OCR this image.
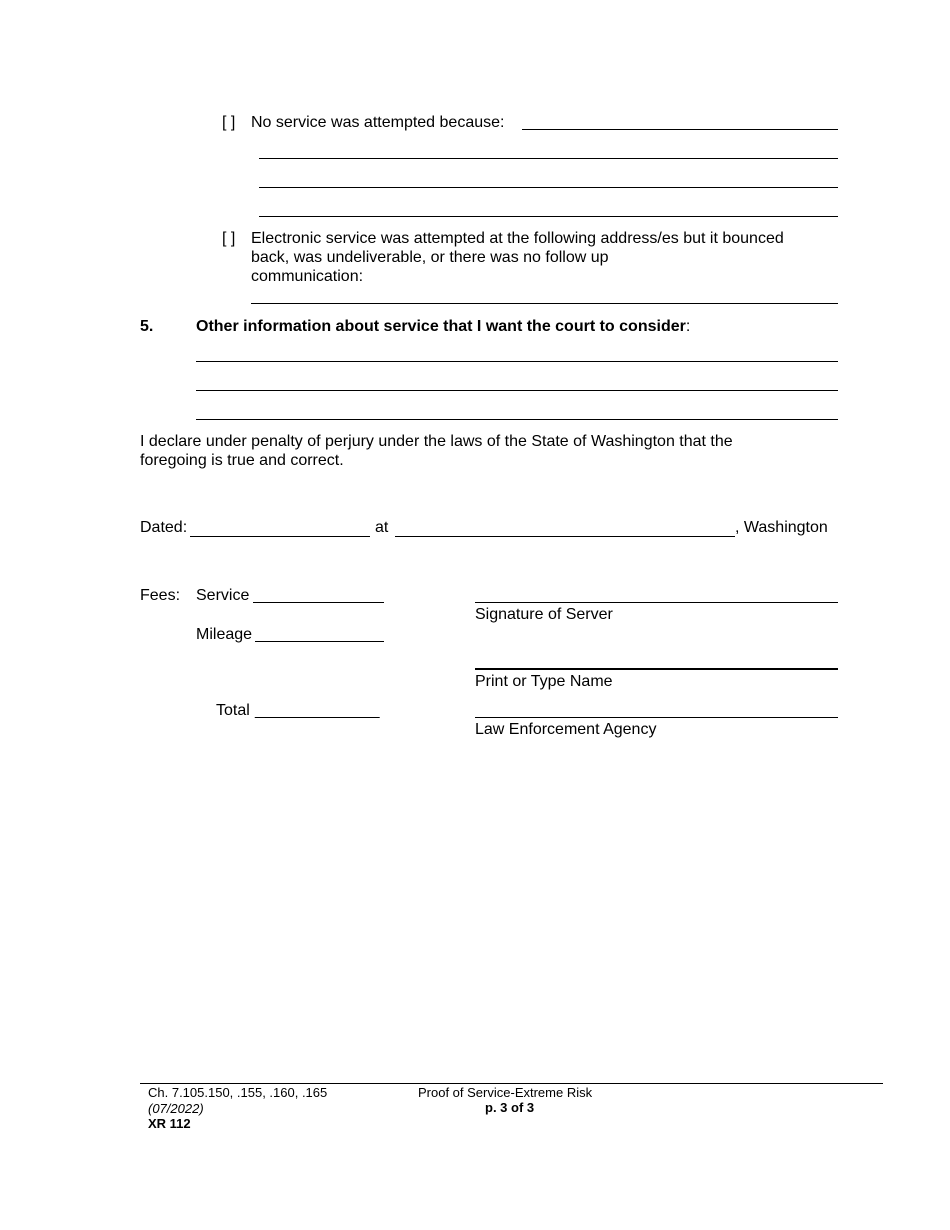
[ ] No service was attempted because:
[ ] Electronic service was attempted at the following address/es but it bounced
back, was undeliverable, or there was no follow up
communication:
5.	Other information about service that I want the court to consider:
I declare under penalty of perjury under the laws of the State of Washington that the
foregoing is true and correct.
Dated:	at	, Washington
Fees: Service
Mileage
Total ______________
Signature of Server
Print or Type Name
Law Enforcement Agency
Ch. 7.105.150, .155, .160, .165
(07/2022)
XR 112
Proof of Service-Extreme Risk
p. 3 of 3
